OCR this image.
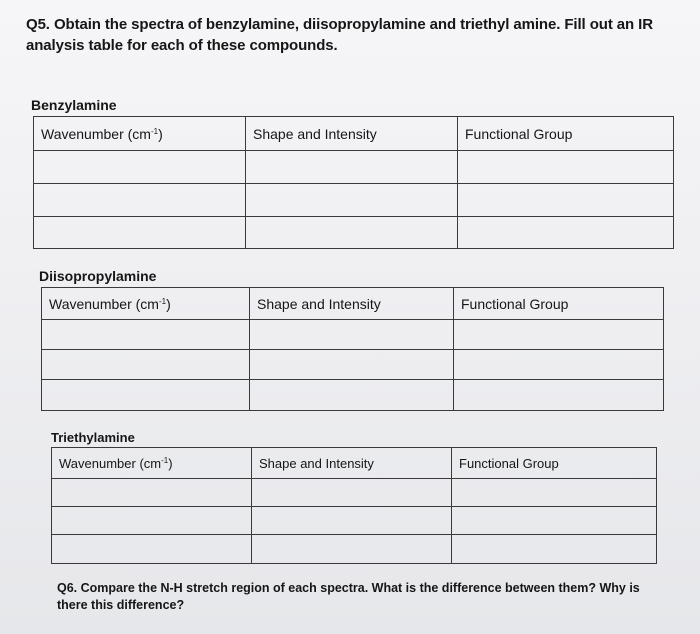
Q5. Obtain the spectra of benzylamine, diisopropylamine and triethyl amine. Fill out an IR analysis table for each of these compounds.
Benzylamine
Wavenumber $(cm^{-1})$	Shape and Intensity	Functional Group

Diisopropylamine
Wavenumber $(cm^{-1})$	Shape and Intensity	Functional Group

Triethylamine
Wavenumber $(cm^{-1})$	Shape and Intensity	Functional Group

Q6. Compare the N-H stretch region of each spectra. What is the difference between them? Why is there this difference?
